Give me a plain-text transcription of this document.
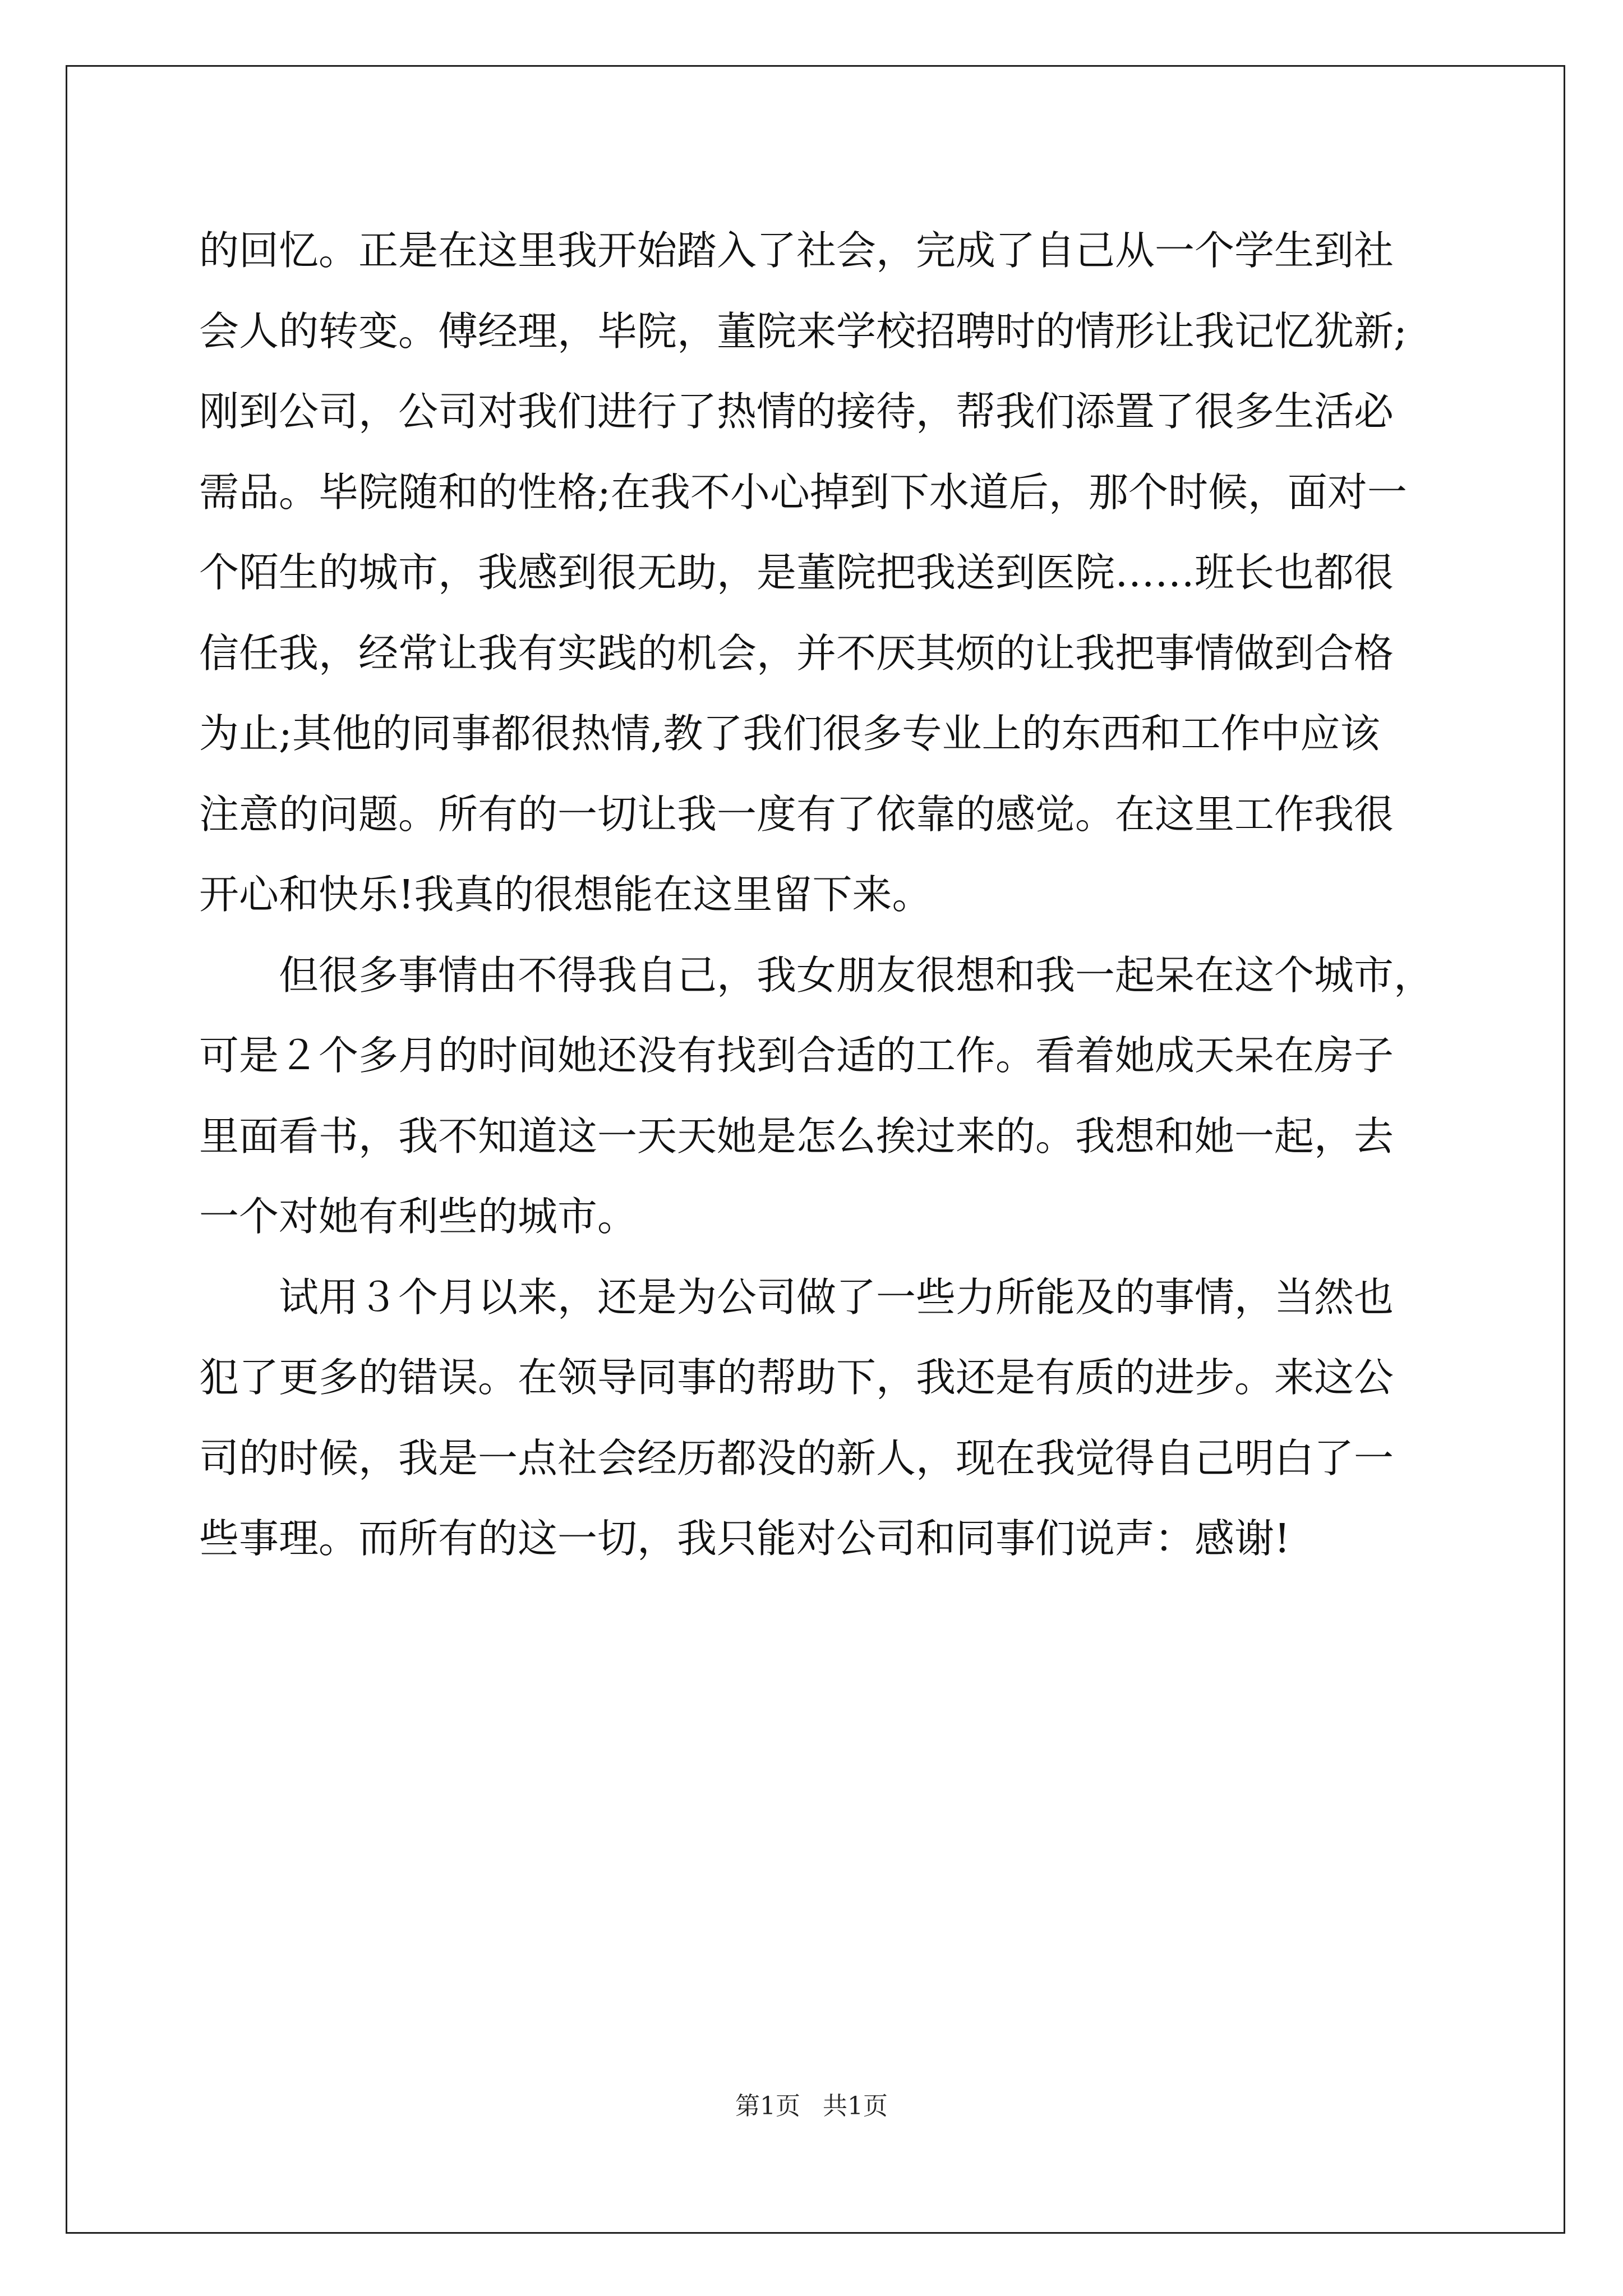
的回忆。正是在这里我开始踏入了社会，完成了自己从一个学生到社
会人的转变。傅经理，毕院，董院来学校招聘时的情形让我记忆犹新;
刚到公司，公司对我们进行了热情的接待，帮我们添置了很多生活必
需品。毕院随和的性格;在我不小心掉到下水道后，那个时候，面对一
个陌生的城市，我感到很无助，是董院把我送到医院……班长也都很
信任我，经常让我有实践的机会，并不厌其烦的让我把事情做到合格
为止;其他的同事都很热情,教了我们很多专业上的东西和工作中应该
注意的问题。所有的一切让我一度有了依靠的感觉。在这里工作我很
开心和快乐!我真的很想能在这里留下来。
　　但很多事情由不得我自己，我女朋友很想和我一起呆在这个城市，
可是２个多月的时间她还没有找到合适的工作。看着她成天呆在房子
里面看书，我不知道这一天天她是怎么挨过来的。我想和她一起，去
一个对她有利些的城市。
　　试用３个月以来，还是为公司做了一些力所能及的事情，当然也
犯了更多的错误。在领导同事的帮助下，我还是有质的进步。来这公
司的时候，我是一点社会经历都没的新人，现在我觉得自己明白了一
些事理。而所有的这一切，我只能对公司和同事们说声：感谢!
第1页 共1页
